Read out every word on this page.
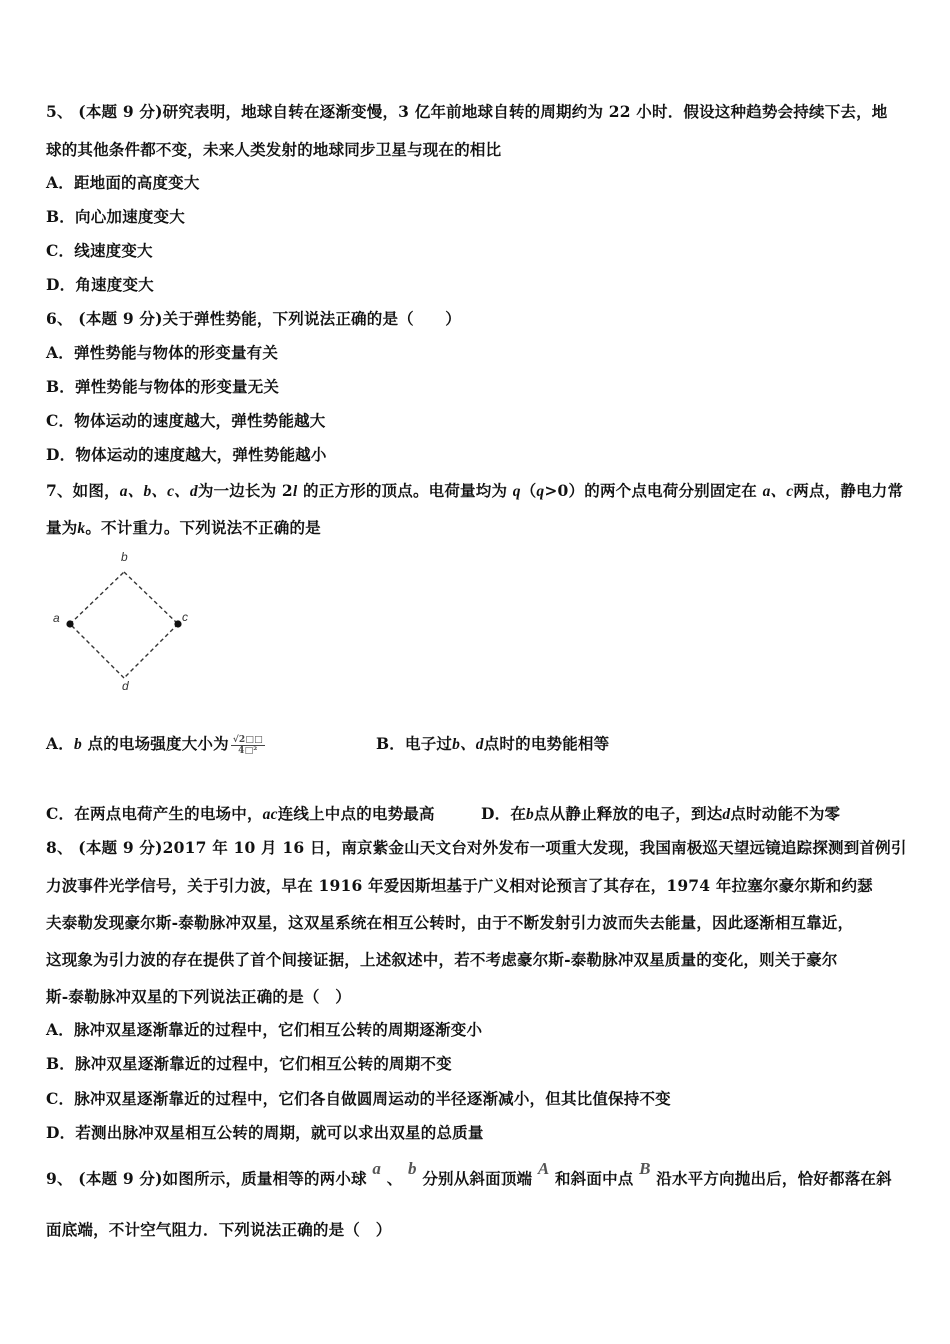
5、 (本题 9 分)研究表明，地球自转在逐渐变慢，3 亿年前地球自转的周期约为 22 小时．假设这种趋势会持续下去，地
球的其他条件都不变，未来人类发射的地球同步卫星与现在的相比
A．距地面的高度变大
B．向心加速度变大
C．线速度变大
D．角速度变大
6、 (本题 9 分)关于弹性势能，下列说法正确的是（　　）
A．弹性势能与物体的形变量有关
B．弹性势能与物体的形变量无关
C．物体运动的速度越大，弹性势能越大
D．物体运动的速度越大，弹性势能越小
7、如图，a、b、c、d为一边长为 2l 的正方形的顶点。电荷量均为 q（q>0）的两个点电荷分别固定在 a、c两点，静电力常
量为k。不计重力。下列说法不正确的是
a
b
c
d
A．b 点的电场强度大小为 $\frac{√2□□}{\text{4□²}}$	B．电子过b、d点时的电势能相等
C．在两点电荷产生的电场中，ac连线上中点的电势最高	D．在b点从静止释放的电子，到达d点时动能不为零
8、 (本题 9 分)2017 年 10 月 16 日，南京紫金山天文台对外发布一项重大发现，我国南极巡天望远镜追踪探测到首例引
力波事件光学信号，关于引力波，早在 1916 年爱因斯坦基于广义相对论预言了其存在，1974 年拉塞尔豪尔斯和约瑟
夫泰勒发现豪尔斯-泰勒脉冲双星，这双星系统在相互公转时，由于不断发射引力波而失去能量，因此逐渐相互靠近，
这现象为引力波的存在提供了首个间接证据，上述叙述中，若不考虑豪尔斯-泰勒脉冲双星质量的变化，则关于豪尔
斯-泰勒脉冲双星的下列说法正确的是（　）
A．脉冲双星逐渐靠近的过程中，它们相互公转的周期逐渐变小
B．脉冲双星逐渐靠近的过程中，它们相互公转的周期不变
C．脉冲双星逐渐靠近的过程中，它们各自做圆周运动的半径逐渐减小，但其比值保持不变
D．若测出脉冲双星相互公转的周期，就可以求出双星的总质量
9、 (本题 9 分)如图所示，质量相等的两小球 a 、 b 分别从斜面顶端 A 和斜面中点 B 沿水平方向抛出后，恰好都落在斜
面底端，不计空气阻力．下列说法正确的是（　）
